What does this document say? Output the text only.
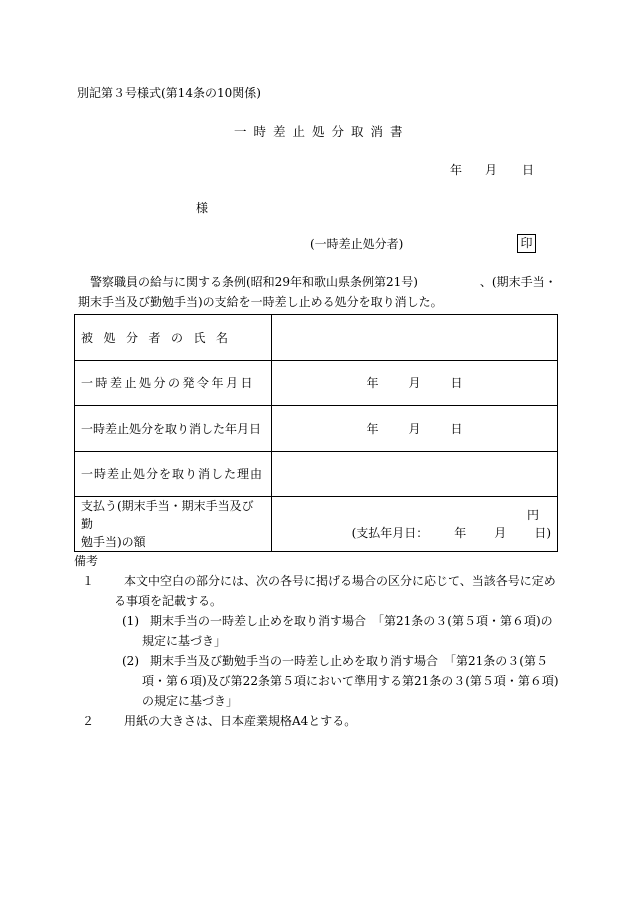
別記第３号様式(第14条の10関係)
一時差止処分取消書
年 月 日
様
(一時差止処分者)	印
警察職員の給与に関する条例(昭和29年和歌山県条例第21号)	、(期末手当・
期末手当及び勤勉手当)の支給を一時差し止める処分を取り消した。
被処分者の氏名	
一時差止処分の発令年月日	年 月 日
一時差止処分を取り消した年月日	年 月 日
一時差止処分を取り消した理由	
支払う(期末手当・期末手当及び勤
勉手当)の額	円
(支払年月日： 年 月 日)
備考
１ 本文中空白の部分には、次の各号に掲げる場合の区分に応じて、当該各号に定める事項を記載する。
(1) 期末手当の一時差し止めを取り消す場合　「第21条の３(第５項・第６項)の規定に基づき」
(2) 期末手当及び勤勉手当の一時差し止めを取り消す場合　「第21条の３(第５項・第６項)及び第22条第５項において準用する第21条の３(第５項・第６項)の規定に基づき」
２ 用紙の大きさは、日本産業規格A4とする。
